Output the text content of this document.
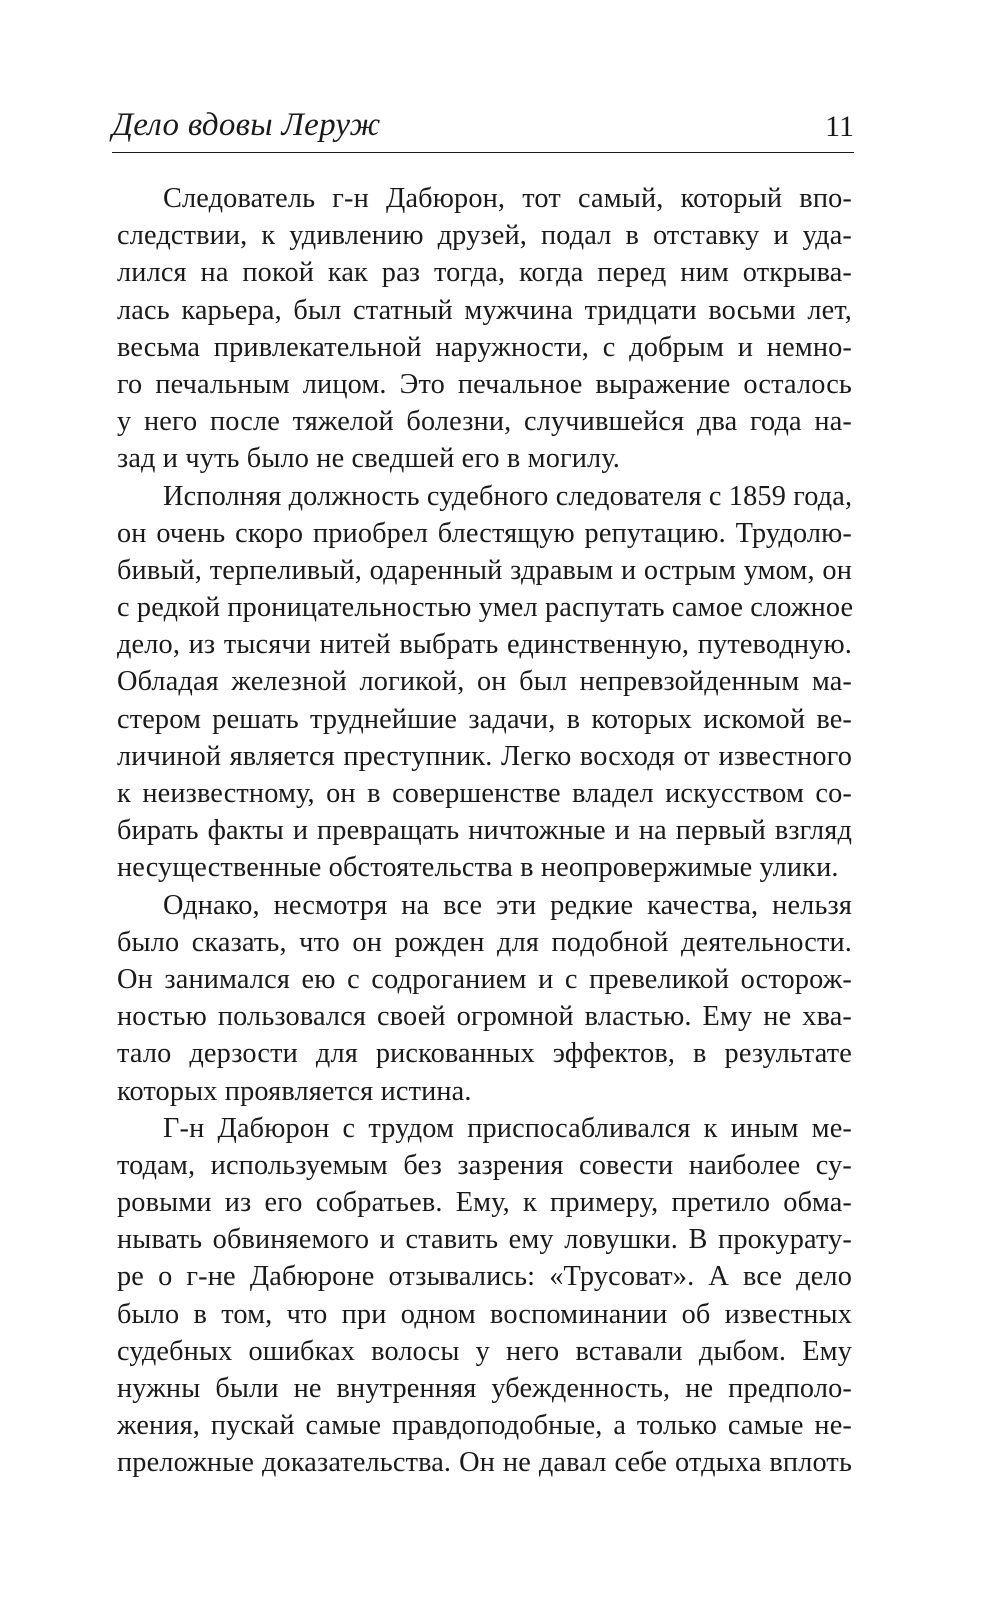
Дело вдовы Леруж	11
Следователь г-н Дабюрон, тот самый, который впо-
следствии, к удивлению друзей, подал в отставку и уда-
лился на покой как раз тогда, когда перед ним открыва-
лась карьера, был статный мужчина тридцати восьми лет,
весьма привлекательной наружности, с добрым и немно-
го печальным лицом. Это печальное выражение осталось
у него после тяжелой болезни, случившейся два года на-
зад и чуть было не сведшей его в могилу.
Исполняя должность судебного следователя с 1859 года,
он очень скоро приобрел блестящую репутацию. Трудолю-
бивый, терпеливый, одаренный здравым и острым умом, он
с редкой проницательностью умел распутать самое сложное
дело, из тысячи нитей выбрать единственную, путеводную.
Обладая железной логикой, он был непревзойденным ма-
стером решать труднейшие задачи, в которых искомой ве-
личиной является преступник. Легко восходя от известного
к неизвестному, он в совершенстве владел искусством со-
бирать факты и превращать ничтожные и на первый взгляд
несущественные обстоятельства в неопровержимые улики.
Однако, несмотря на все эти редкие качества, нельзя
было сказать, что он рожден для подобной деятельности.
Он занимался ею с содроганием и с превеликой осторож-
ностью пользовался своей огромной властью. Ему не хва-
тало дерзости для рискованных эффектов, в результате
которых проявляется истина.
Г-н Дабюрон с трудом приспосабливался к иным ме-
тодам, используемым без зазрения совести наиболее су-
ровыми из его собратьев. Ему, к примеру, претило обма-
нывать обвиняемого и ставить ему ловушки. В прокурату-
ре о г-не Дабюроне отзывались: «Трусоват». А все дело
было в том, что при одном воспоминании об известных
судебных ошибках волосы у него вставали дыбом. Ему
нужны были не внутренняя убежденность, не предполо-
жения, пускай самые правдоподобные, а только самые не-
преложные доказательства. Он не давал себе отдыха вплоть
